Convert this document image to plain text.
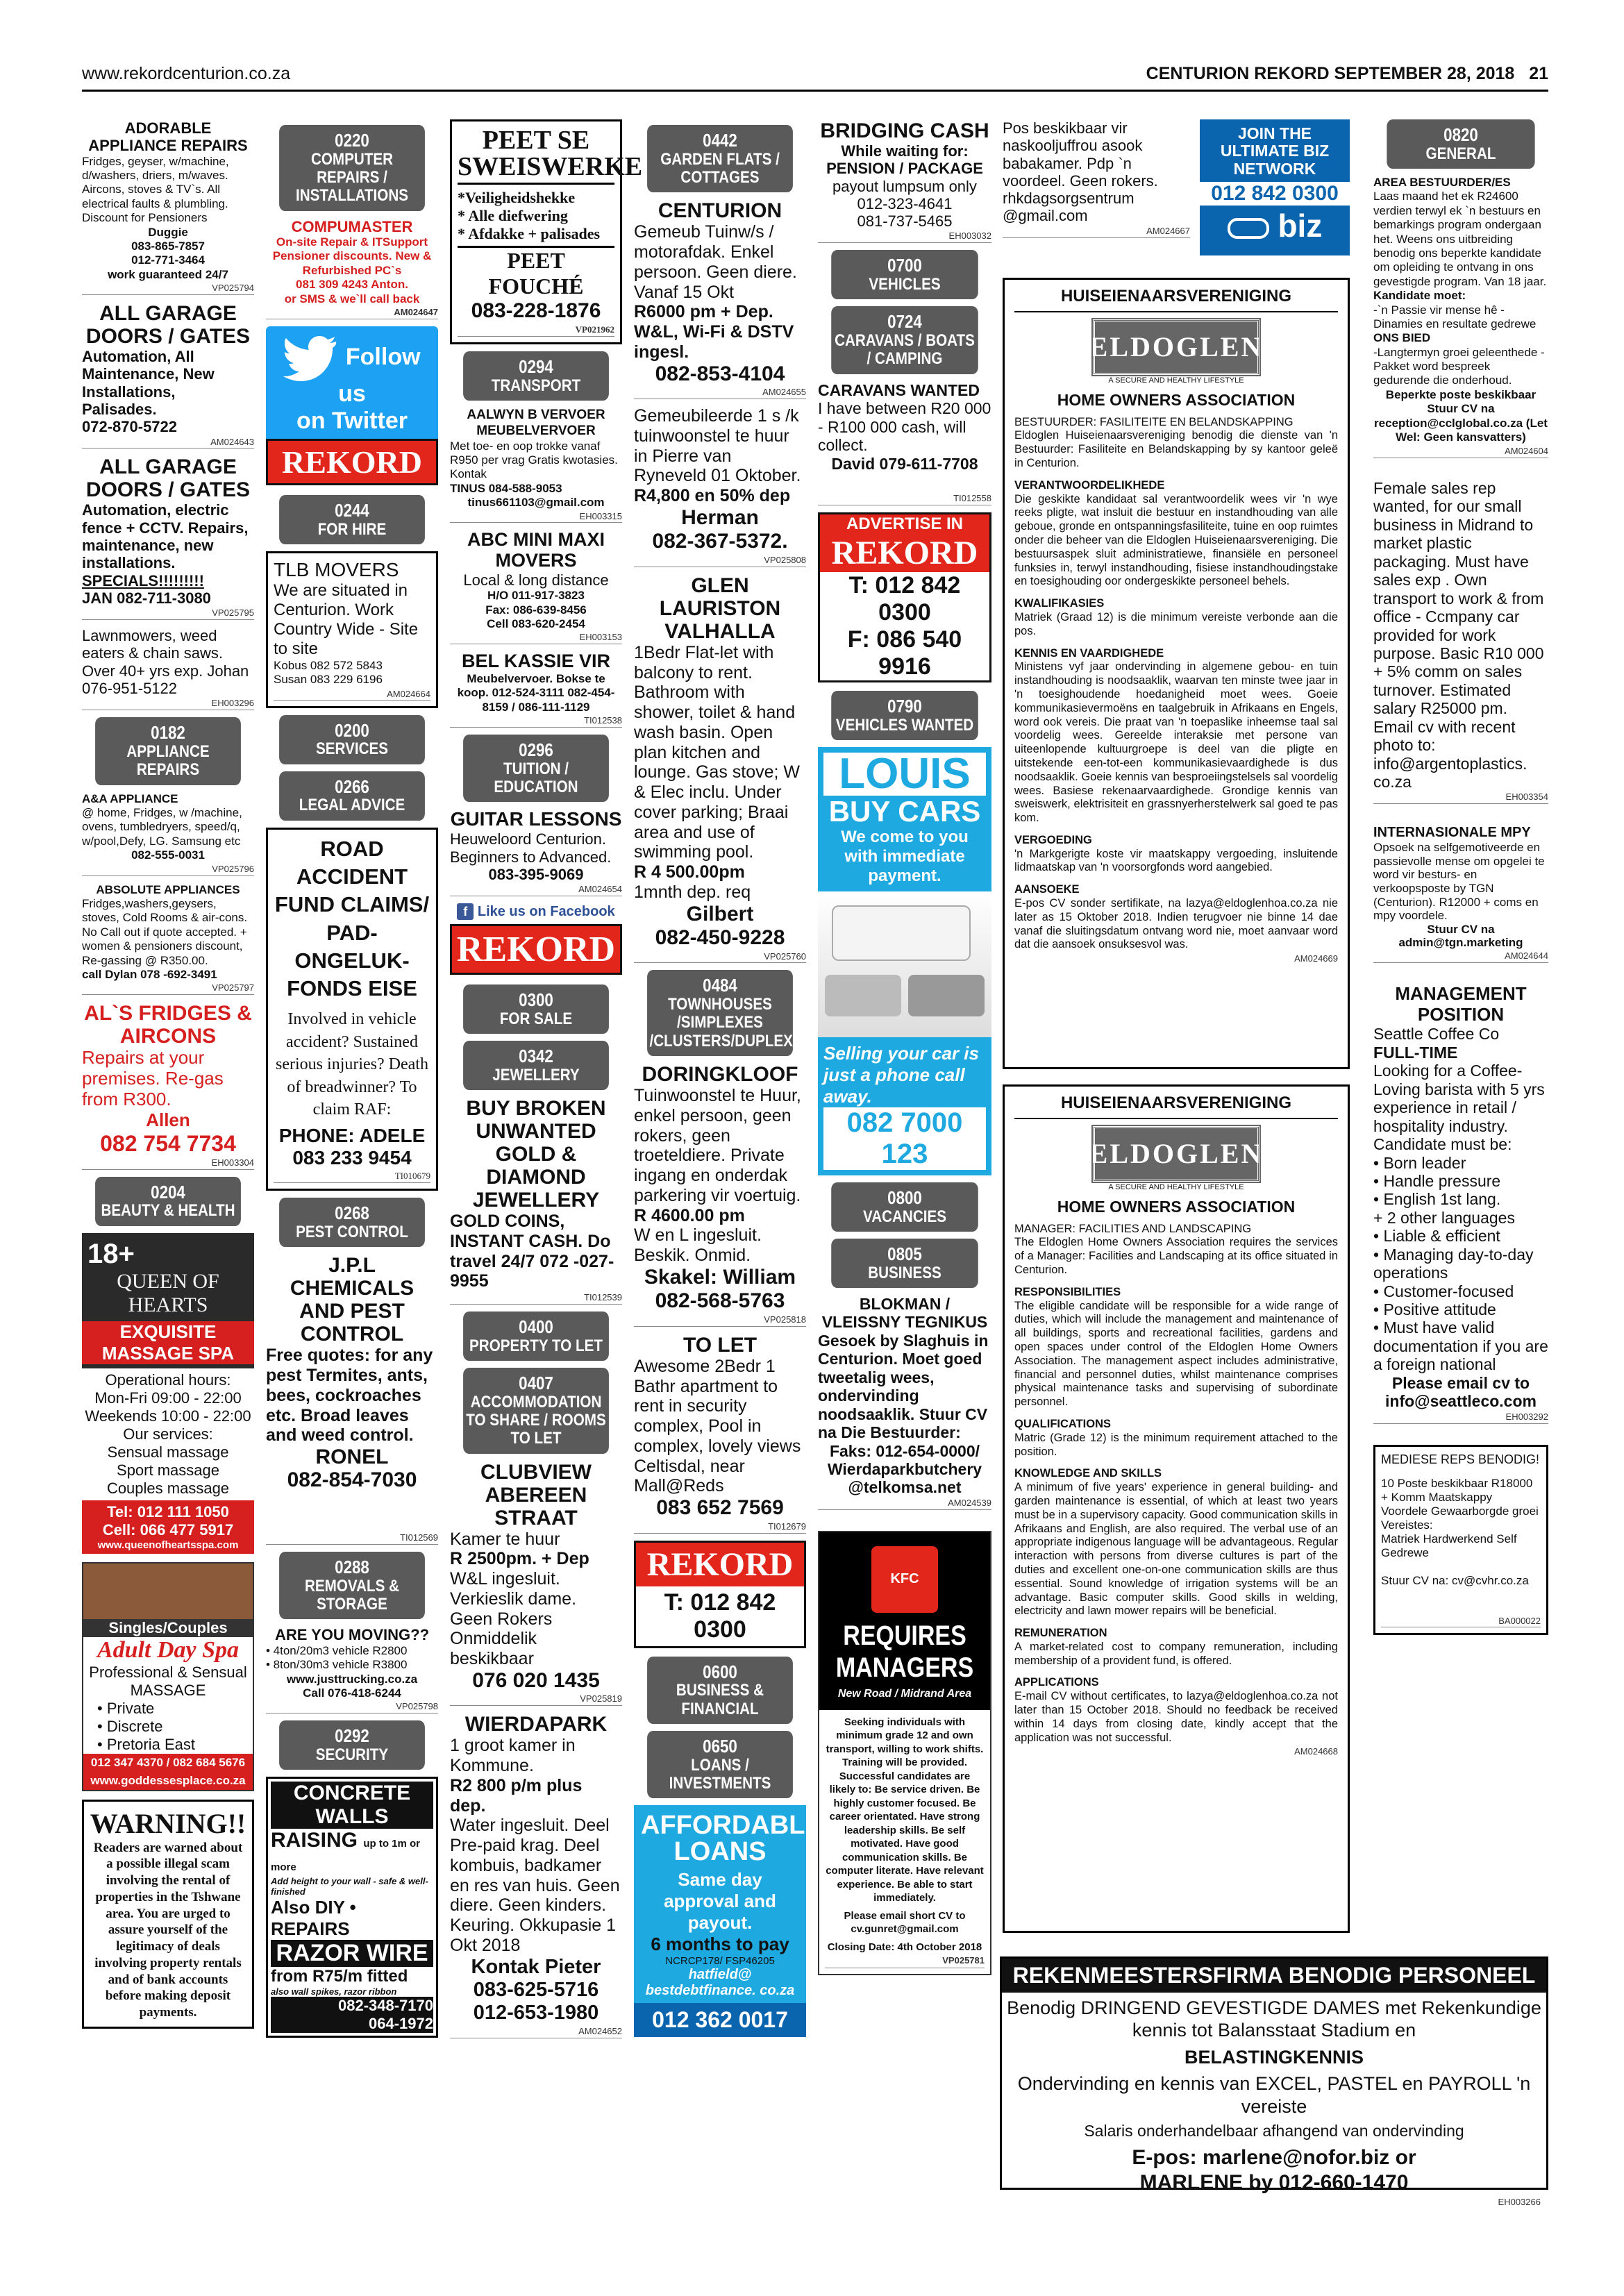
www.rekordcenturion.co.za	CENTURION REKORD SEPTEMBER 28, 2018 21
ADORABLE APPLIANCE REPAIRS
Fridges, geyser, w/machine, d/washers, driers, m/waves. Aircons, stoves & TV`s. All electrical faults & plumbling. Discount for Pensioners
Duggie
083-865-7857
012-771-3464
work guaranteed 24/7
VP025794
ALL GARAGE DOORS / GATES
Automation, All Maintenance, New Installations, Palisades.
072-870-5722
AM024643
ALL GARAGE DOORS / GATES
Automation, electric fence + CCTV. Repairs, maintenance, new installations.
SPECIALS!!!!!!!!!
JAN 082-711-3080
VP025795
Lawnmowers, weed eaters & chain saws. Over 40+ yrs exp. Johan 076-951-5122
EH003296
0182
APPLIANCE REPAIRS
A&A APPLIANCE
@ home, Fridges, w /machine, ovens, tumbledryers, speed/q, w/pool,Defy, LG. Samsung etc
082-555-0031
VP025796
ABSOLUTE APPLIANCES
Fridges,washers,geysers, stoves, Cold Rooms & air-cons. No Call out if quote accepted. + women & pensioners discount, Re-gassing @ R350.00.
call Dylan 078 -692-3491
VP025797
AL`S FRIDGES & AIRCONS
Repairs at your premises. Re-gas from R300.
Allen
082 754 7734
EH003304
0204
BEAUTY & HEALTH
18+
QUEEN OF HEARTS
EXQUISITE MASSAGE SPA
Operational hours:
Mon-Fri 09:00 - 22:00
Weekends 10:00 - 22:00
Our services:
Sensual massage
Sport massage
Couples massage
Tel: 012 111 1050
Cell: 066 477 5917
www.queenofheartsspa.com
Singles/Couples
Adult Day Spa
Professional & Sensual MASSAGE
• Private
• Discrete
• Pretoria East
012 347 4370 / 082 684 5676
www.goddessesplace.co.za
WARNING!!
Readers are warned about a possible illegal scam involving the rental of properties in the Tshwane area. You are urged to assure yourself of the legitimacy of deals involving property rentals and of bank accounts before making deposit payments.
0220
COMPUTER REPAIRS / INSTALLATIONS
COMPUMASTER
On-site Repair & ITSupport Pensioner discounts. New & Refurbished PC`s
081 309 4243 Anton.
or SMS & we`ll call back
AM024647
Follow us
on Twitter
REKORD
0244
FOR HIRE
TLB MOVERS
We are situated in Centurion. Work Country Wide - Site to site
Kobus 082 572 5843
Susan 083 229 6196
AM024664
0200
SERVICES
0266
LEGAL ADVICE
ROAD ACCIDENT FUND CLAIMS/ PAD-ONGELUK-FONDS EISE
Involved in vehicle accident? Sustained serious injuries? Death of breadwinner? To claim RAF:
PHONE: ADELE
083 233 9454
TI010679
0268
PEST CONTROL
J.P.L CHEMICALS AND PEST CONTROL
Free quotes: for any pest Termites, ants, bees, cockroaches etc. Broad leaves and weed control.
RONEL
082-854-7030
TI012569
0288
REMOVALS & STORAGE
ARE YOU MOVING??
• 4ton/20m3 vehicle R2800
• 8ton/30m3 vehicle R3800
www.justtrucking.co.za
Call 076-418-6244
VP025798
0292
SECURITY
CONCRETE WALLS
RAISING up to 1m or more
Add height to your wall - safe & well-finished
Also DIY • REPAIRS
RAZOR WIRE
from R75/m fitted
also wall spikes, razor ribbon
082-348-7170
064-1972
PEET SE SWEISWERKE
*Veiligheidshekke
* Alle diefwering
* Afdakke + palisades
PEET FOUCHÉ
083-228-1876
VP021962
0294
TRANSPORT
AALWYN B VERVOER MEUBELVERVOER
Met toe- en oop trokke vanaf R950 per vrag Gratis kwotasies. Kontak
TINUS 084-588-9053
tinus661103@gmail.com
EH003315
ABC MINI MAXI MOVERS
Local & long distance
H/O 011-917-3823
Fax: 086-639-8456
Cell 083-620-2454
EH003153
BEL KASSIE VIR
Meubelvervoer. Bokse te koop. 012-524-3111 082-454- 8159 / 086-111-1129
TI012538
0296
TUITION / EDUCATION
GUITAR LESSONS
Heuweloord Centurion. Beginners to Advanced.
083-395-9069
AM024654
f Like us on Facebook
REKORD
0300
FOR SALE
0342
JEWELLERY
BUY BROKEN UNWANTED GOLD & DIAMOND JEWELLERY
GOLD COINS, INSTANT CASH. Do travel 24/7 072 -027- 9955
TI012539
0400
PROPERTY TO LET
0407
ACCOMMODATION TO SHARE / ROOMS TO LET
CLUBVIEW ABEREEN STRAAT
Kamer te huur
R 2500pm. + Dep
W&L ingesluit. Verkieslik dame. Geen Rokers Onmiddelik beskikbaar
076 020 1435
VP025819
WIERDAPARK
1 groot kamer in Kommune.
R2 800 p/m plus dep.
Water ingesluit. Deel Pre-paid krag. Deel kombuis, badkamer en res van huis. Geen diere. Geen kinders. Keuring. Okkupasie 1 Okt 2018
Kontak Pieter
083-625-5716
012-653-1980
AM024652
0442
GARDEN FLATS / COTTAGES
CENTURION
Gemeub Tuinw/s / motorafdak. Enkel persoon. Geen diere. Vanaf 15 Okt
R6000 pm + Dep. W&L, Wi-Fi & DSTV ingesl.
082-853-4104
AM024655
Gemeubileerde 1 s /k tuinwoonstel te huur in Pierre van Ryneveld 01 Oktober.
R4,800 en 50% dep
Herman
082-367-5372.
VP025808
GLEN LAURISTON VALHALLA
1Bedr Flat-let with balcony to rent. Bathroom with shower, toilet & hand wash basin. Open plan kitchen and lounge. Gas stove; W & Elec inclu. Under cover parking; Braai area and use of swimming pool.
R 4 500.00pm
1mnth dep. req
Gilbert
082-450-9228
VP025760
0484
TOWNHOUSES /SIMPLEXES /CLUSTERS/DUPLEXES
DORINGKLOOF
Tuinwoonstel te Huur, enkel persoon, geen rokers, geen troeteldiere. Private ingang en onderdak parkering vir voertuig.
R 4600.00 pm
W en L ingesluit. Beskik. Onmid.
Skakel: William
082-568-5763
VP025818
TO LET
Awesome 2Bedr 1 Bathr apartment to rent in security complex, Pool in complex, lovely views Celtisdal, near Mall@Reds
083 652 7569
TI012679
REKORD
T: 012 842 0300
0600
BUSINESS & FINANCIAL
0650
LOANS / INVESTMENTS
AFFORDABLE LOANS
Same day approval and payout.
6 months to pay
NCRCP178/ FSP46205
hatfield@ bestdebtfinance. co.za
012 362 0017
BRIDGING CASH
While waiting for: PENSION / PACKAGE
payout lumpsum only
012-323-4641
081-737-5465
EH003032
0700
VEHICLES
0724
CARAVANS / BOATS / CAMPING
CARAVANS WANTED
I have between R20 000 - R100 000 cash, will collect.
David 079-611-7708
TI012558
ADVERTISE IN
REKORD
T: 012 842 0300
F: 086 540 9916
0790
VEHICLES WANTED
LOUIS
BUY CARS
We come to you with immediate payment.
Selling your car is just a phone call away.
082 7000 123
0800
VACANCIES
0805
BUSINESS
BLOKMAN / VLEISSNY TEGNIKUS
Gesoek by Slaghuis in Centurion. Moet goed tweetalig wees, ondervinding noodsaaklik. Stuur CV na Die Bestuurder:
Faks: 012-654-0000/ Wierdaparkbutchery @telkomsa.net
AM024539
KFC
REQUIRES MANAGERS
New Road / Midrand Area
Seeking individuals with minimum grade 12 and own transport, willing to work shifts. Training will be provided. Successful candidates are likely to: Be service driven. Be highly customer focused. Be career orientated. Have strong leadership skills. Be self motivated. Have good communication skills. Be computer literate. Have relevant experience. Be able to start immediately.
Please email short CV to cv.gunret@gmail.com
Closing Date: 4th October 2018
VP025781
Pos beskikbaar vir naskooljuffrou asook babakamer. Pdp `n voordeel. Geen rokers.
rhkdagsorgsentrum @gmail.com
AM024667
JOIN THE ULTIMATE BIZ NETWORK
012 842 0300
biz
HUISEIENAARSVERENIGING
ELDOGLEN
A SECURE AND HEALTHY LIFESTYLE
HOME OWNERS ASSOCIATION
BESTUURDER: FASILITEITE EN BELANDSKAPPING
Eldoglen Huiseienaarsvereniging benodig die dienste van 'n Bestuurder: Fasiliteite en Belandskapping by sy kantoor geleë in Centurion.
VERANTWOORDELIKHEDE
Die geskikte kandidaat sal verantwoordelik wees vir 'n wye reeks pligte, wat insluit die bestuur en instandhouding van alle geboue, gronde en ontspanningsfasiliteite, tuine en oop ruimtes onder die beheer van die Eldoglen Huiseienaarsvereniging. Die bestuursaspek sluit administratiewe, finansiële en personeel funksies in, terwyl instandhouding, fisiese instandhoudingstake en toesighouding oor ondergeskikte personeel behels.
KWALIFIKASIES
Matriek (Graad 12) is die minimum vereiste verbonde aan die pos.
KENNIS EN VAARDIGHEDE
Ministens vyf jaar ondervinding in algemene gebou- en tuin instandhouding is noodsaaklik, waarvan ten minste twee jaar in 'n toesighoudende hoedanigheid moet wees. Goeie kommunikasievermoëns en taalgebruik in Afrikaans en Engels, word ook vereis. Die praat van 'n toepaslike inheemse taal sal voordelig wees. Gereelde interaksie met persone van uiteenlopende kultuurgroepe is deel van die pligte en uitstekende een-tot-een kommunikasievaardighede is dus noodsaaklik. Goeie kennis van besproeiingstelsels sal voordelig wees. Basiese rekenaarvaardighede. Grondige kennis van sweiswerk, elektrisiteit en grassnyerherstelwerk sal goed te pas kom.
VERGOEDING
'n Markgerigte koste vir maatskappy vergoeding, insluitende lidmaatskap van 'n voorsorgfonds word aangebied.
AANSOEKE
E-pos CV sonder sertifikate, na lazya@eldoglenhoa.co.za nie later as 15 Oktober 2018. Indien terugvoer nie binne 14 dae vanaf die sluitingsdatum ontvang word nie, moet aanvaar word dat die aansoek onsuksesvol was.
AM024669
HUISEIENAARSVERENIGING
ELDOGLEN
A SECURE AND HEALTHY LIFESTYLE
HOME OWNERS ASSOCIATION
MANAGER: FACILITIES AND LANDSCAPING
The Eldoglen Home Owners Association requires the services of a Manager: Facilities and Landscaping at its office situated in Centurion.
RESPONSIBILITIES
The eligible candidate will be responsible for a wide range of duties, which will include the management and maintenance of all buildings, sports and recreational facilities, gardens and open spaces under control of the Eldoglen Home Owners Association. The management aspect includes administrative, financial and personnel duties, whilst maintenance comprises physical maintenance tasks and supervising of subordinate personnel.
QUALIFICATIONS
Matric (Grade 12) is the minimum requirement attached to the position.
KNOWLEDGE AND SKILLS
A minimum of five years' experience in general building- and garden maintenance is essential, of which at least two years must be in a supervisory capacity. Good communication skills in Afrikaans and English, are also required. The verbal use of an appropriate indigenous language will be advantageous. Regular interaction with persons from diverse cultures is part of the duties and excellent one-on-one communication skills are thus essential. Sound knowledge of irrigation systems will be an advantage. Basic computer skills. Good skills in welding, electricity and lawn mower repairs will be beneficial.
REMUNERATION
A market-related cost to company remuneration, including membership of a provident fund, is offered.
APPLICATIONS
E-mail CV without certificates, to lazya@eldoglenhoa.co.za not later than 15 October 2018. Should no feedback be received within 14 days from closing date, kindly accept that the application was not successful.
AM024668
REKENMEESTERSFIRMA BENODIG PERSONEEL

Benodig DRINGEND GEVESTIGDE DAMES met Rekenkundige kennis tot Balansstaat Stadium en

BELASTINGKENNIS

Ondervinding en kennis van EXCEL, PASTEL en PAYROLL 'n vereiste

Salaris onderhandelbaar afhangend van ondervinding

E-pos: marlene@nofor.biz or

MARLENE by 012-660-1470

EH003266
0820
GENERAL
AREA BESTUURDER/ES
Laas maand het ek R24600 verdien terwyl ek `n bestuurs en bemarkings program ondergaan het. Weens ons uitbreiding benodig ons beperkte kandidate om opleiding te ontvang in ons gevestigde program. Van 18 jaar.
Kandidate moet:
-`n Passie vir mense hê -Dinamies en resultate gedrewe
ONS BIED
-Langtermyn groei geleenthede -Pakket word bespreek gedurende die onderhoud.
Beperkte poste beskikbaar Stuur CV na reception@cclglobal.co.za (Let Wel: Geen kansvatters)
AM024604
Female sales rep wanted, for our small business in Midrand to market plastic packaging. Must have sales exp . Own transport to work & from office - Ccmpany car provided for work purpose. Basic R10 000 + 5% comm on sales turnover. Estimated salary R25000 pm. Email cv with recent photo to: info@argentoplastics. co.za
EH003354
INTERNASIONALE MPY
Opsoek na selfgemotiveerde en passievolle mense om opgelei te word vir besturs- en verkoopsposte by TGN (Centurion). R12000 + coms en mpy voordele.
Stuur CV na admin@tgn.marketing
AM024644
MANAGEMENT POSITION
Seattle Coffee Co
FULL-TIME
Looking for a Coffee- Loving barista with 5 yrs experience in retail / hospitality industry. Candidate must be:
• Born leader
• Handle pressure
• English 1st lang.
+ 2 other languages
• Liable & efficient
• Managing day-to-day operations
• Customer-focused
• Positive attitude
• Must have valid documentation if you are a foreign national
Please email cv to info@seattleco.com
EH003292
MEDIESE REPS BENODIG!
10 Poste beskikbaar R18000 + Komm Maatskappy Voordele Gewaarborgde groei
Vereistes:
Matriek Hardwerkend Self Gedrewe
Stuur CV na: cv@cvhr.co.za
BA000022
